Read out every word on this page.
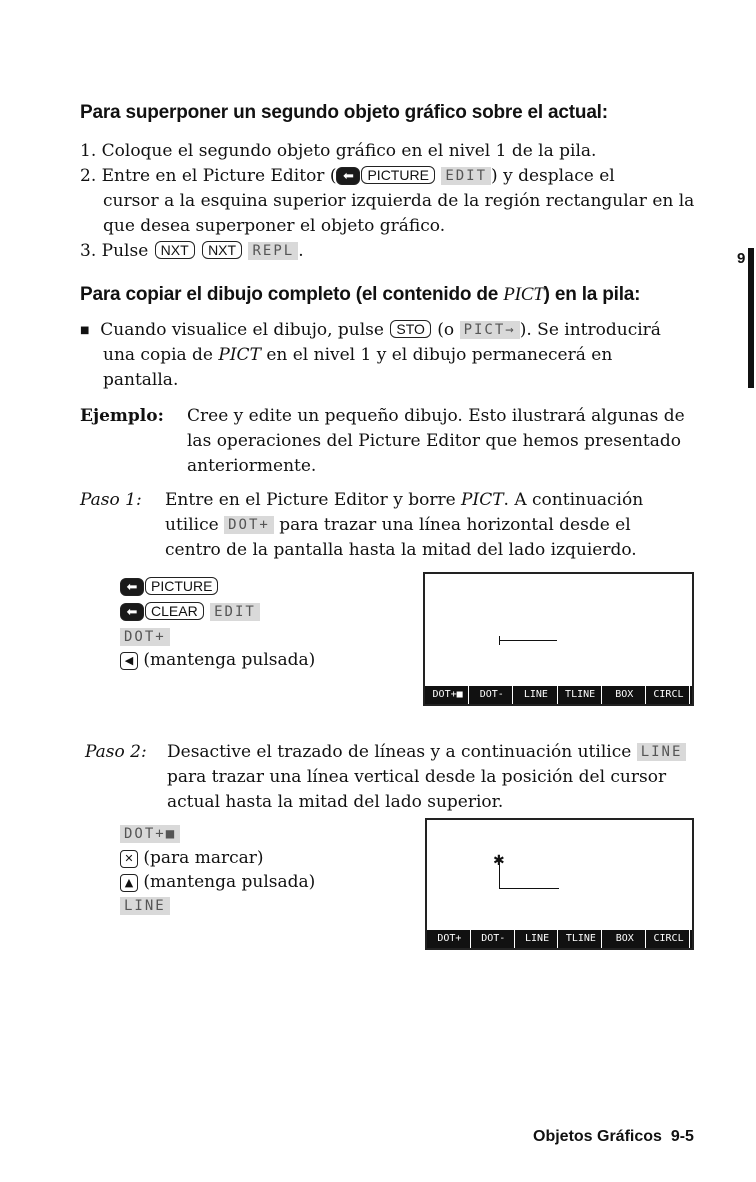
Para superponer un segundo objeto gráfico sobre el actual:
1. Coloque el segundo objeto gráfico en el nivel 1 de la pila.
2. Entre en el Picture Editor ( ⬅ PICTURE EDIT ) y desplace el
cursor a la esquina superior izquierda de la región rectangular en la
que desea superponer el objeto gráfico.
3. Pulse NXT NXT REPL .	9
Para copiar el dibujo completo (el contenido de PICT) en la pila:
■ Cuando visualice el dibujo, pulse STO (o PICT→ ). Se introducirá
una copia de PICT en el nivel 1 y el dibujo permanecerá en
pantalla.
Ejemplo: Cree y edite un pequeño dibujo. Esto ilustrará algunas de
las operaciones del Picture Editor que hemos presentado
anteriormente.
Paso 1: Entre en el Picture Editor y borre PICT. A continuación
utilice DOT+ para trazar una línea horizontal desde el
centro de la pantalla hasta la mitad del lado izquierdo.
⬅ PICTURE
⬅ CLEAR EDIT
DOT+
◀ (mantenga pulsada)
DOT+■	DOT-	LINE	TLINE	BOX	CIRCL
Paso 2: Desactive el trazado de líneas y a continuación utilice LINE
para trazar una línea vertical desde la posición del cursor
actual hasta la mitad del lado superior.
DOT+■
✕ (para marcar)
▲ (mantenga pulsada)
LINE
✱
DOT+	DOT-	LINE	TLINE	BOX	CIRCL
Objetos Gráficos 9-5
